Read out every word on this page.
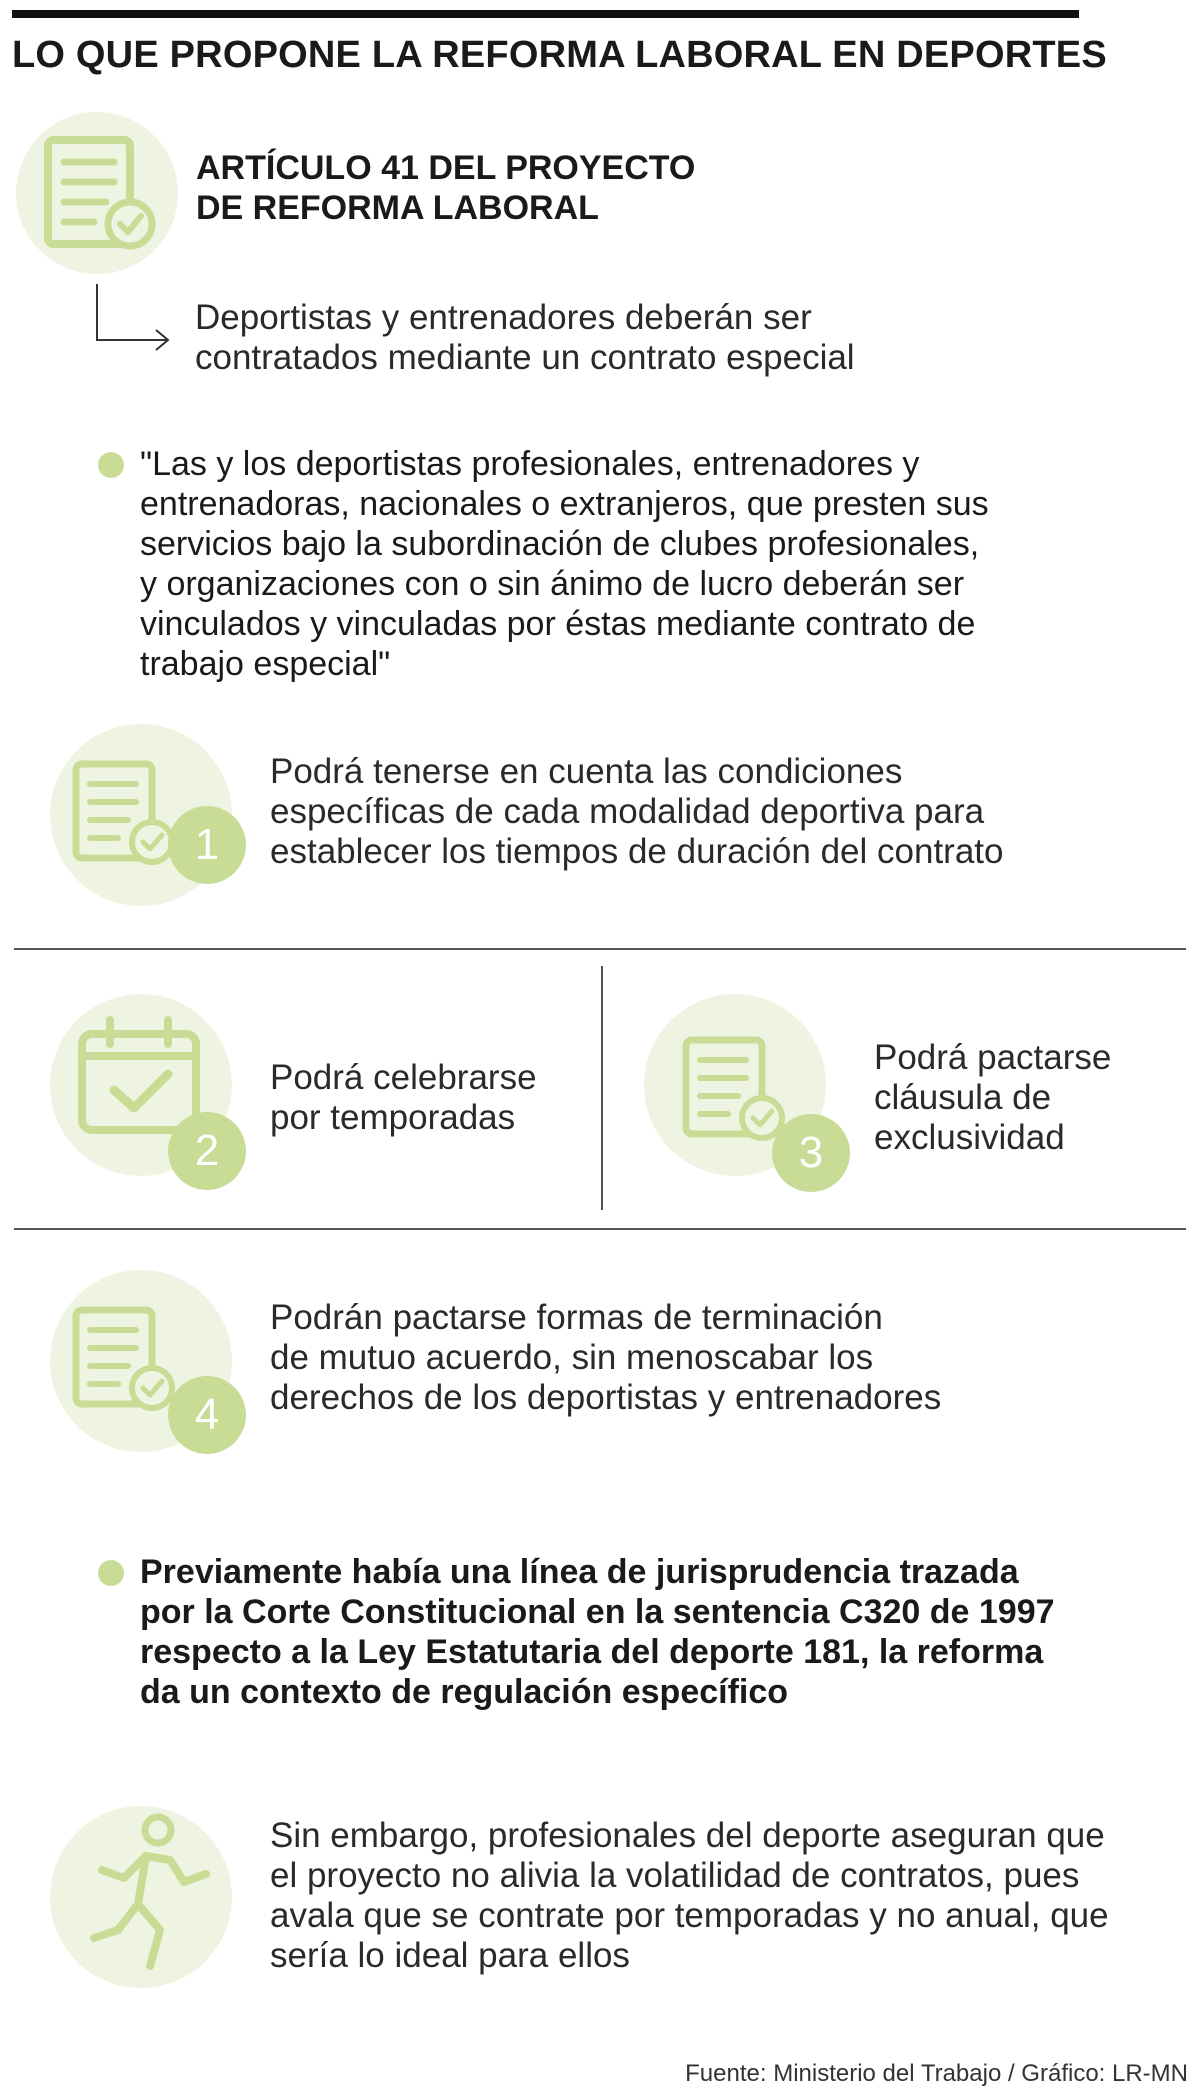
LO QUE PROPONE LA REFORMA LABORAL EN DEPORTES
ARTÍCULO 41 DEL PROYECTO
DE REFORMA LABORAL
Deportistas y entrenadores deberán ser
contratados mediante un contrato especial
"Las y los deportistas profesionales, entrenadores y
entrenadoras, nacionales o extranjeros, que presten sus
servicios bajo la subordinación de clubes profesionales,
y organizaciones con o sin ánimo de lucro deberán ser
vinculados y vinculadas por éstas mediante contrato de
trabajo especial"
1
Podrá tenerse en cuenta las condiciones
específicas de cada modalidad deportiva para
establecer los tiempos de duración del contrato
2
Podrá celebrarse
por temporadas
3
Podrá pactarse
cláusula de
exclusividad
4
Podrán pactarse formas de terminación
de mutuo acuerdo, sin menoscabar los
derechos de los deportistas y entrenadores
Previamente había una línea de jurisprudencia trazada
por la Corte Constitucional en la sentencia C320 de 1997
respecto a la Ley Estatutaria del deporte 181, la reforma
da un contexto de regulación específico
Sin embargo, profesionales del deporte aseguran que
el proyecto no alivia la volatilidad de contratos, pues
avala que se contrate por temporadas y no anual, que
sería lo ideal para ellos
Fuente: Ministerio del Trabajo / Gráfico: LR-MN
